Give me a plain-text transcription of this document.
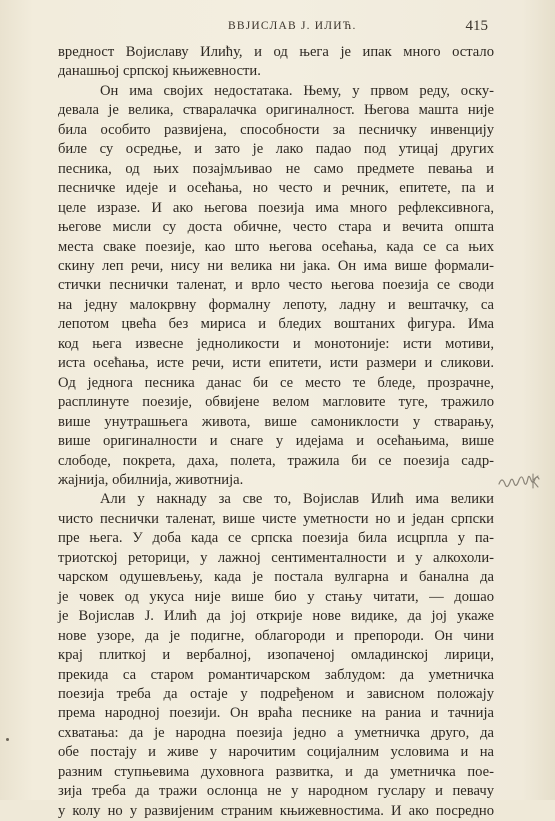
ВВЈИСЛАВ Ј. ИЛИЋ.	415
вредност Војиславу Илићу, и од њега је ипак много остало
данашњој српској књижевности.
Он има својих недостатака. Њему, у првом реду, оску-
девала је велика, стваралачка оригиналност. Његова машта није
била особито развијена, способности за песничку инвенцију
биле су осредње, и зато је лако падао под утицај других
песника, од њих позајмљивао не само предмете певања и
песничке идеје и осећања, но често и речник, епитете, па и
целе изразе. И ако његова поезија има много рефлексивнога,
његове мисли су доста обичне, често стара и вечита општа
места сваке поезије, као што његова осећања, када се са њих
скину леп речи, нису ни велика ни јака. Он има више формали-
стички песнички таленат, и врло често његова поезија се своди
на једну малокрвну формалну лепоту, ладну и вештачку, са
лепотом цвећа без мириса и бледих воштаних фигура. Има
код њега извесне једноликости и монотоније: исти мотиви,
иста осећања, исте речи, исти епитети, исти размери и сликови.
Од једнога песника данас би се место те бледе, прозрачне,
расплинуте поезије, обвијене велом магловите туге, тражило
више унутрашњега живота, више самониклости у стварању,
више оригиналности и снаге у идејама и осећањима, више
слободе, покрета, даха, полета, тражила би се поезија садр-
жајнија, обилнија, животнија.
Али у накнаду за све то, Војислав Илић има велики
чисто песнички таленат, више чисте уметности но и један српски
пре њега. У доба када се српска поезија била исцрпла у па-
триотској реторици, у лажној сентименталности и у алкохоли-
чарском одушевљењу, када је постала вулгарна и банална да
је човек од укуса није више био у стању читати, — дошао
је Војислав Ј. Илић да јој открије нове видике, да јој укаже
нове узоре, да је подигне, облагороди и препороди. Он чини
крај плиткој и вербалној, изопаченој омладинској лирици,
прекида са старом романтичарском заблудом: да уметничка
поезија треба да остаје у подређеном и зависном положају
према народној поезији. Он враћа песнике на раниа и тачнија
схватања: да је народна поезија једно а уметничка друго, да
обе постају и живе у нарочитим социјалним условима и на
разним ступњевима духовнога развитка, и да уметничка пое-
зија треба да тражи ослонца не у народном гуслару и певачу
у колу но у развијеним страним књижевностима. И ако посредно
